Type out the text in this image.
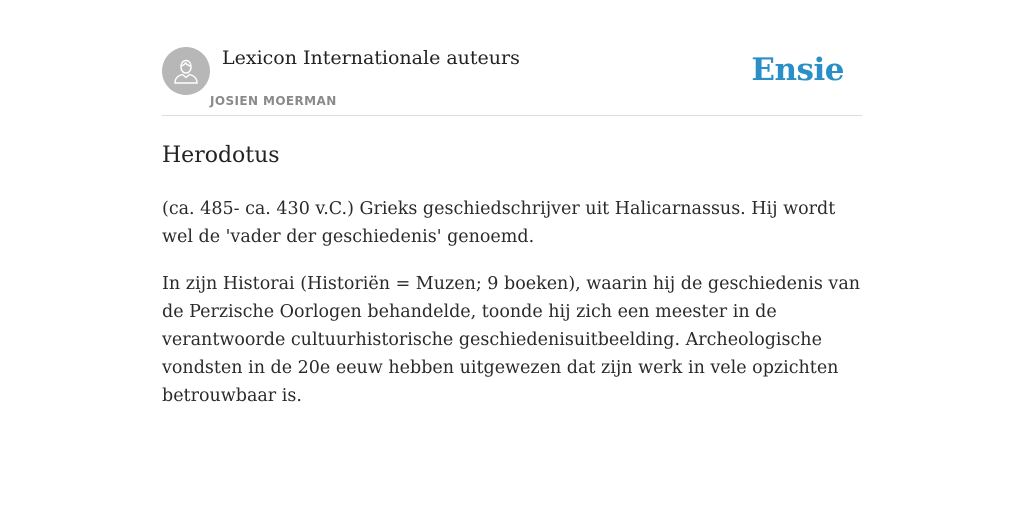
Lexicon Internationale auteurs
JOSIEN MOERMAN
Ensie
Herodotus

(ca. 485- ca. 430 v.C.) Grieks geschiedschrijver uit Halicarnassus. Hij wordt wel de 'vader der geschiedenis' genoemd.

In zijn Historai (Historiën = Muzen; 9 boeken), waarin hij de geschiedenis van de Perzische Oorlogen behandelde, toonde hij zich een meester in de verantwoorde cultuurhistorische geschiedenisuitbeelding. Archeologische vondsten in de 20e eeuw hebben uitgewezen dat zijn werk in vele opzichten betrouwbaar is.
